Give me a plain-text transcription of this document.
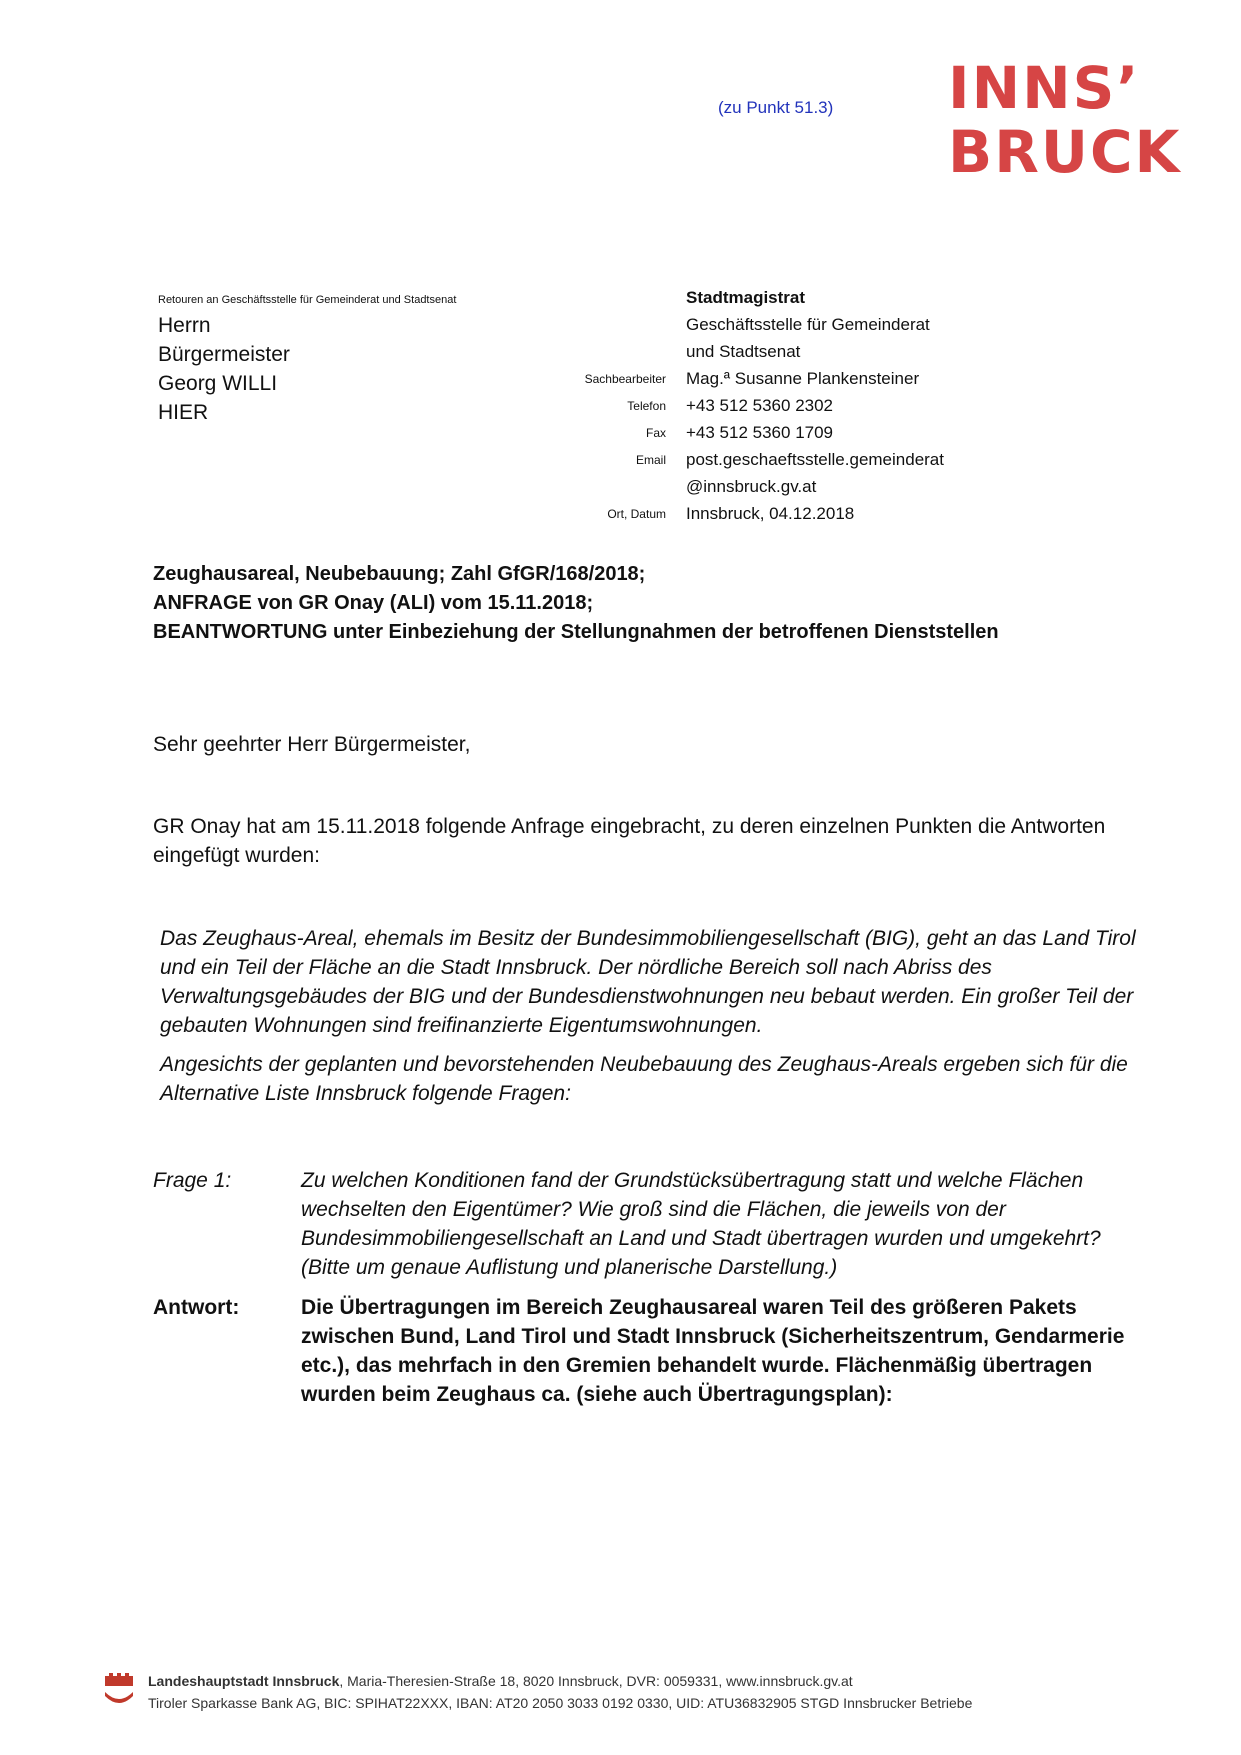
(zu Punkt 51.3) INNS’
BRUCK
Retouren an Geschäftsstelle für Gemeinderat und Stadtsenat
Herrn
Bürgermeister
Georg WILLI
HIER
Stadtmagistrat
Geschäftsstelle für Gemeinderat
und Stadtsenat
Sachbearbeiter	Mag.ª Susanne Plankensteiner
Telefon	+43 512 5360 2302
Fax	+43 512 5360 1709
Email	post.geschaeftsstelle.gemeinderat
@innsbruck.gv.at
Ort, Datum	Innsbruck, 04.12.2018
Zeughausareal, Neubebauung; Zahl GfGR/168/2018;
ANFRAGE von GR Onay (ALI) vom 15.11.2018;
BEANTWORTUNG unter Einbeziehung der Stellungnahmen der betroffenen Dienststellen
Sehr geehrter Herr Bürgermeister,
GR Onay hat am 15.11.2018 folgende Anfrage eingebracht, zu deren einzelnen Punkten die Antworten eingefügt wurden:

Das Zeughaus-Areal, ehemals im Besitz der Bundesimmobiliengesellschaft (BIG), geht an das Land Tirol und ein Teil der Fläche an die Stadt Innsbruck. Der nördliche Bereich soll nach Abriss des Verwaltungsgebäudes der BIG und der Bundesdienstwohnungen neu bebaut werden. Ein großer Teil der gebauten Wohnungen sind freifinanzierte Eigentumswohnungen.

Angesichts der geplanten und bevorstehenden Neubebauung des Zeughaus-Areals ergeben sich für die Alternative Liste Innsbruck folgende Fragen:

Frage 1:	Zu welchen Konditionen fand der Grundstücksübertragung statt und welche Flächen wechselten den Eigentümer? Wie groß sind die Flächen, die jeweils von der Bundesimmobiliengesellschaft an Land und Stadt übertragen wurden und umgekehrt? (Bitte um genaue Auflistung und planerische Darstellung.)
Antwort:	Die Übertragungen im Bereich Zeughausareal waren Teil des größeren Pakets zwischen Bund, Land Tirol und Stadt Innsbruck (Sicherheitszentrum, Gendarmerie etc.), das mehrfach in den Gremien behandelt wurde. Flächenmäßig übertragen wurden beim Zeughaus ca. (siehe auch Übertragungsplan):
Landeshauptstadt Innsbruck, Maria-Theresien-Straße 18, 8020 Innsbruck, DVR: 0059331, www.innsbruck.gv.at
Tiroler Sparkasse Bank AG, BIC: SPIHAT22XXX, IBAN: AT20 2050 3033 0192 0330, UID: ATU36832905 STGD Innsbrucker Betriebe
